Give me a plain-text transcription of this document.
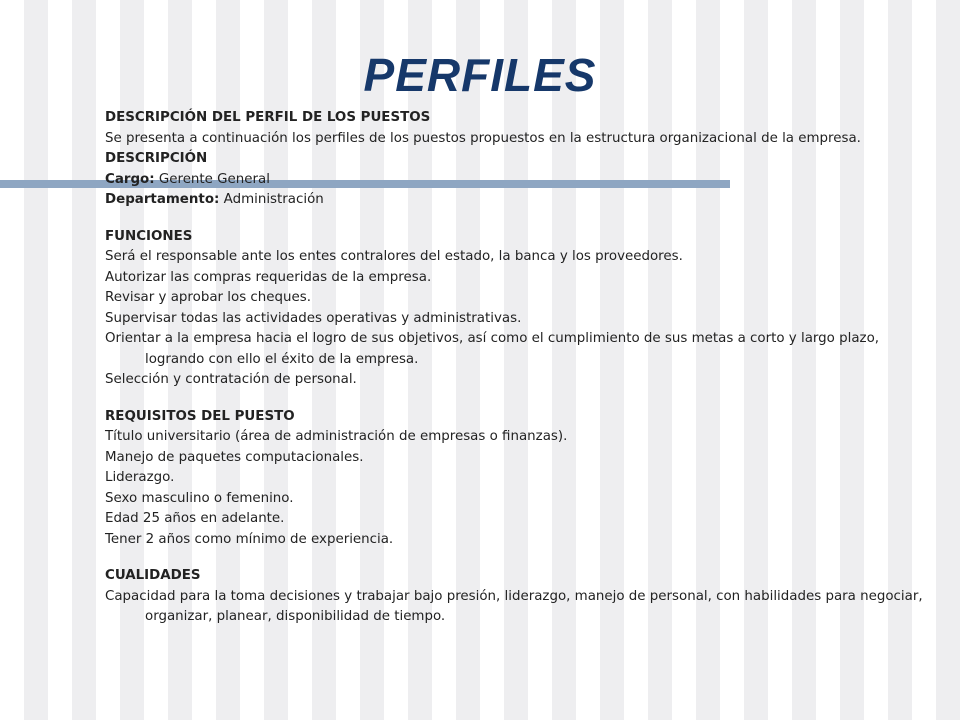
PERFILES

DESCRIPCIÓN DEL PERFIL DE LOS PUESTOS

Se presenta a continuación los perfiles de los puestos propuestos en la estructura organizacional de la empresa.

DESCRIPCIÓN

Cargo: Gerente General

Departamento: Administración

FUNCIONES

Será el responsable ante los entes contralores del estado, la banca y los proveedores.

Autorizar las compras requeridas de la empresa.

Revisar y aprobar los cheques.

Supervisar todas las actividades operativas y administrativas.

Orientar a la empresa hacia el logro de sus objetivos, así como el cumplimiento de sus metas a corto y largo plazo, logrando con ello el éxito de la empresa.

Selección y contratación de personal.

REQUISITOS DEL PUESTO

Título universitario (área de administración de empresas o finanzas).

Manejo de paquetes computacionales.

Liderazgo.

Sexo masculino o femenino.

Edad 25 años en adelante.

Tener 2 años como mínimo de experiencia.

CUALIDADES

Capacidad para la toma decisiones y trabajar bajo presión, liderazgo, manejo de personal, con habilidades para negociar, organizar, planear, disponibilidad de tiempo.
